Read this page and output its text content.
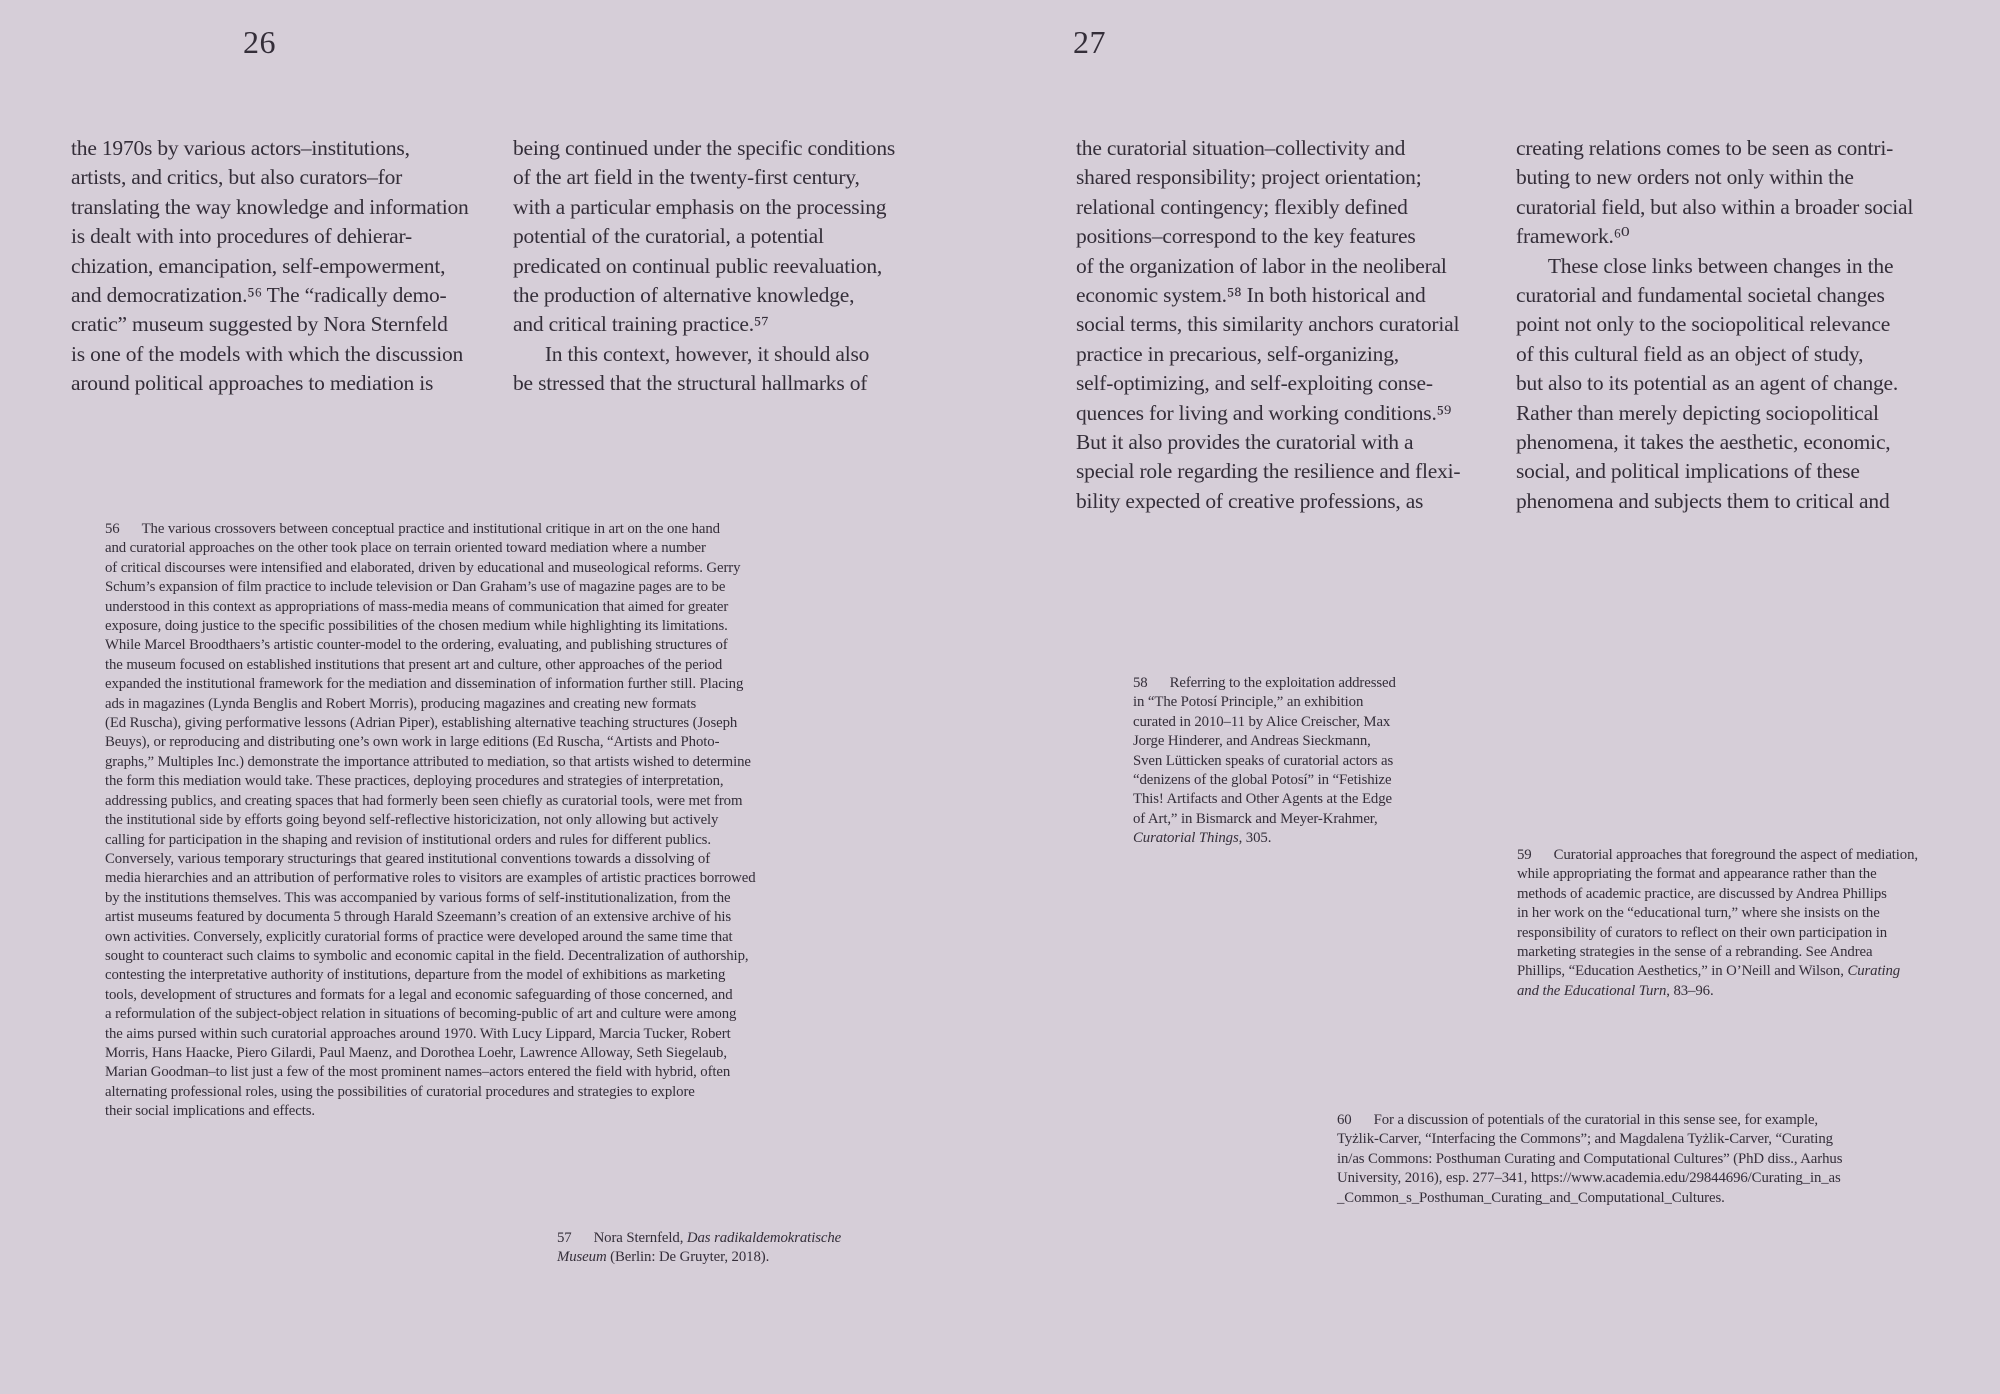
26	27
the 1970s by various actors–institutions,
artists, and critics, but also curators–for
translating the way knowledge and information
is dealt with into procedures of dehierar-
chization, emancipation, self-empowerment,
and democratization.⁵⁶ The “radically demo-
cratic” museum suggested by Nora Sternfeld
is one of the models with which the discussion
around political approaches to mediation is
being continued under the specific conditions
of the art field in the twenty-first century,
with a particular emphasis on the processing
potential of the curatorial, a potential
predicated on continual public reevaluation,
the production of alternative knowledge,
and critical training practice.⁵⁷
  In this context, however, it should also
be stressed that the structural hallmarks of
the curatorial situation–collectivity and
shared responsibility; project orientation;
relational contingency; flexibly defined
positions–correspond to the key features
of the organization of labor in the neoliberal
economic system.⁵⁸ In both historical and
social terms, this similarity anchors curatorial
practice in precarious, self-organizing,
self-optimizing, and self-exploiting conse-
quences for living and working conditions.⁵⁹
But it also provides the curatorial with a
special role regarding the resilience and flexi-
bility expected of creative professions, as
creating relations comes to be seen as contri-
buting to new orders not only within the
curatorial field, but also within a broader social
framework.⁶⁰
  These close links between changes in the
curatorial and fundamental societal changes
point not only to the sociopolitical relevance
of this cultural field as an object of study,
but also to its potential as an agent of change.
Rather than merely depicting sociopolitical
phenomena, it takes the aesthetic, economic,
social, and political implications of these
phenomena and subjects them to critical and
56  The various crossovers between conceptual practice and institutional critique in art on the one hand
and curatorial approaches on the other took place on terrain oriented toward mediation where a number
of critical discourses were intensified and elaborated, driven by educational and museological reforms. Gerry
Schum’s expansion of film practice to include television or Dan Graham’s use of magazine pages are to be
understood in this context as appropriations of mass-media means of communication that aimed for greater
exposure, doing justice to the specific possibilities of the chosen medium while highlighting its limitations.
While Marcel Broodthaers’s artistic counter-model to the ordering, evaluating, and publishing structures of
the museum focused on established institutions that present art and culture, other approaches of the period
expanded the institutional framework for the mediation and dissemination of information further still. Placing
ads in magazines (Lynda Benglis and Robert Morris), producing magazines and creating new formats
(Ed Ruscha), giving performative lessons (Adrian Piper), establishing alternative teaching structures (Joseph
Beuys), or reproducing and distributing one’s own work in large editions (Ed Ruscha, “Artists and Photo-
graphs,” Multiples Inc.) demonstrate the importance attributed to mediation, so that artists wished to determine
the form this mediation would take. These practices, deploying procedures and strategies of interpretation,
addressing publics, and creating spaces that had formerly been seen chiefly as curatorial tools, were met from
the institutional side by efforts going beyond self-reflective historicization, not only allowing but actively
calling for participation in the shaping and revision of institutional orders and rules for different publics.
Conversely, various temporary structurings that geared institutional conventions towards a dissolving of
media hierarchies and an attribution of performative roles to visitors are examples of artistic practices borrowed
by the institutions themselves. This was accompanied by various forms of self-institutionalization, from the
artist museums featured by documenta 5 through Harald Szeemann’s creation of an extensive archive of his
own activities. Conversely, explicitly curatorial forms of practice were developed around the same time that
sought to counteract such claims to symbolic and economic capital in the field. Decentralization of authorship,
contesting the interpretative authority of institutions, departure from the model of exhibitions as marketing
tools, development of structures and formats for a legal and economic safeguarding of those concerned, and
a reformulation of the subject-object relation in situations of becoming-public of art and culture were among
the aims pursed within such curatorial approaches around 1970. With Lucy Lippard, Marcia Tucker, Robert
Morris, Hans Haacke, Piero Gilardi, Paul Maenz, and Dorothea Loehr, Lawrence Alloway, Seth Siegelaub,
Marian Goodman–to list just a few of the most prominent names–actors entered the field with hybrid, often
alternating professional roles, using the possibilities of curatorial procedures and strategies to explore
their social implications and effects.
57  Nora Sternfeld, Das radikaldemokratische
Museum (Berlin: De Gruyter, 2018).
58  Referring to the exploitation addressed
in “The Potosí Principle,” an exhibition
curated in 2010–11 by Alice Creischer, Max
Jorge Hinderer, and Andreas Sieckmann,
Sven Lütticken speaks of curatorial actors as
“denizens of the global Potosí” in “Fetishize
This! Artifacts and Other Agents at the Edge
of Art,” in Bismarck and Meyer-Krahmer,
Curatorial Things, 305.
59  Curatorial approaches that foreground the aspect of mediation,
while appropriating the format and appearance rather than the
methods of academic practice, are discussed by Andrea Phillips
in her work on the “educational turn,” where she insists on the
responsibility of curators to reflect on their own participation in
marketing strategies in the sense of a rebranding. See Andrea
Phillips, “Education Aesthetics,” in O’Neill and Wilson, Curating
and the Educational Turn, 83–96.
60  For a discussion of potentials of the curatorial in this sense see, for example,
Tyżlik-Carver, “Interfacing the Commons”; and Magdalena Tyżlik-Carver, “Curating
in/as Commons: Posthuman Curating and Computational Cultures” (PhD diss., Aarhus
University, 2016), esp. 277–341, https://www.academia.edu/29844696/Curating_in_as
_Common_s_Posthuman_Curating_and_Computational_Cultures.
